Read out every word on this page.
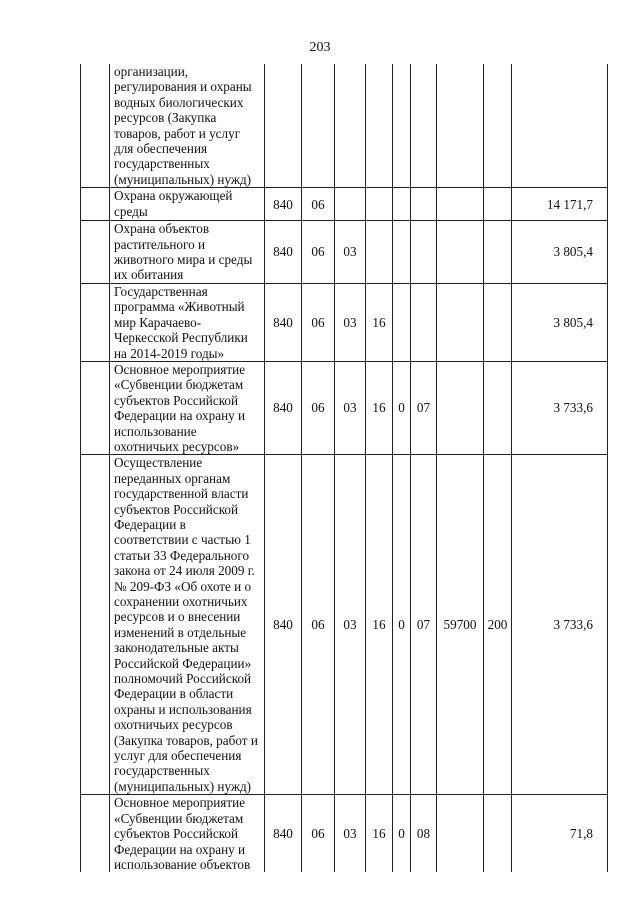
203
	организации, регулирования и охраны водных биологических ресурсов (Закупка товаров, работ и услуг для обеспечения государственных (муниципальных) нужд)									
	Охрана окружающей среды	840	06							14 171,7
	Охрана объектов растительного и животного мира и среды их обитания	840	06	03						3 805,4
	Государственная программа «Животный мир Карачаево-Черкесской Республики на 2014-2019 годы»	840	06	03	16					3 805,4
	Основное мероприятие «Субвенции бюджетам субъектов Российской Федерации на охрану и использование охотничьих ресурсов»	840	06	03	16	0	07			3 733,6
	Осуществление переданных органам государственной власти субъектов Российской Федерации в соответствии с частью 1 статьи 33 Федерального закона от 24 июля 2009 г. № 209-ФЗ «Об охоте и о сохранении охотничьих ресурсов и о внесении изменений в отдельные законодательные акты Российской Федерации» полномочий Российской Федерации в области охраны и использования охотничьих ресурсов (Закупка товаров, работ и услуг для обеспечения государственных (муниципальных) нужд)	840	06	03	16	0	07	59700	200	3 733,6
	Основное мероприятие «Субвенции бюджетам субъектов Российской Федерации на охрану и использование объектов	840	06	03	16	0	08			71,8
